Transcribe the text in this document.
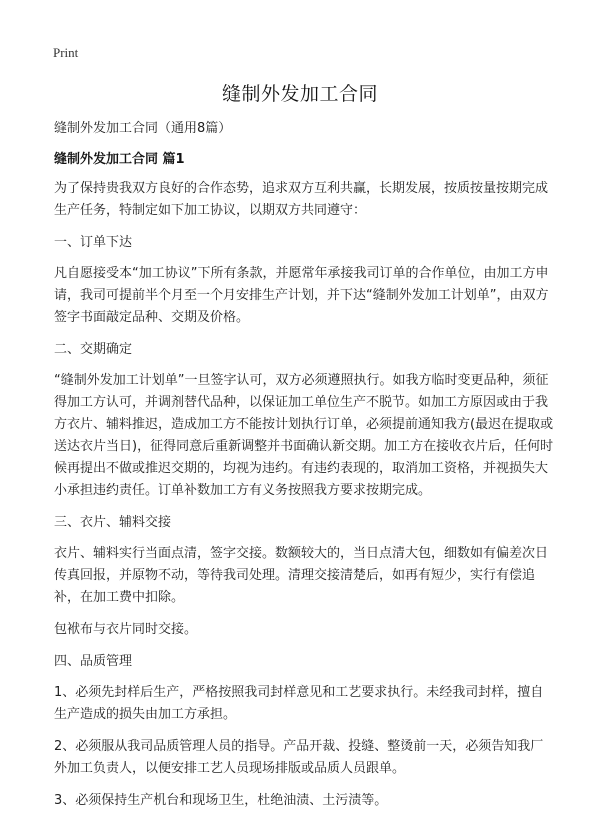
Print
缝制外发加工合同

缝制外发加工合同（通用8篇）

缝制外发加工合同 篇1

为了保持贵我双方良好的合作态势，追求双方互利共赢，长期发展，按质按量按期完成生产任务，特制定如下加工协议，以期双方共同遵守：

一、订单下达

凡自愿接受本“加工协议”下所有条款，并愿常年承接我司订单的合作单位，由加工方申请，我司可提前半个月至一个月安排生产计划，并下达“缝制外发加工计划单”，由双方签字书面敲定品种、交期及价格。

二、交期确定

“缝制外发加工计划单”一旦签字认可，双方必须遵照执行。如我方临时变更品种，须征得加工方认可，并调剂替代品种，以保证加工单位生产不脱节。如加工方原因或由于我方衣片、辅料推迟，造成加工方不能按计划执行订单，必须提前通知我方(最迟在提取或送达衣片当日)，征得同意后重新调整并书面确认新交期。加工方在接收衣片后，任何时候再提出不做或推迟交期的，均视为违约。有违约表现的，取消加工资格，并视损失大小承担违约责任。订单补数加工方有义务按照我方要求按期完成。

三、衣片、辅料交接

衣片、辅料实行当面点清，签字交接。数额较大的，当日点清大包，细数如有偏差次日传真回报，并原物不动，等待我司处理。清理交接清楚后，如再有短少，实行有偿追补，在加工费中扣除。

包袱布与衣片同时交接。

四、品质管理

1、必须先封样后生产，严格按照我司封样意见和工艺要求执行。未经我司封样，擅自生产造成的损失由加工方承担。

2、必须服从我司品质管理人员的指导。产品开裁、投缝、整烫前一天，必须告知我厂外加工负责人，以便安排工艺人员现场排版或品质人员跟单。

3、必须保持生产机台和现场卫生，杜绝油渍、土污渍等。
